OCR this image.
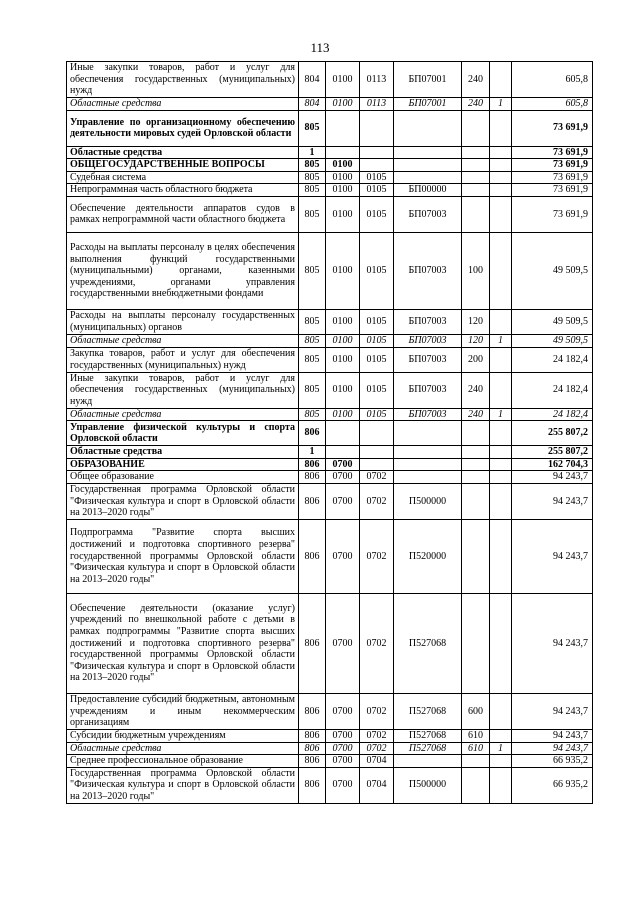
113
Иные закупки товаров, работ и услуг для обеспечения государственных (муниципальных) нужд	804	0100	0113	БП07001	240		605,8
Областные средства	804	0100	0113	БП07001	240	1	605,8
Управление по организационному обеспечению деятельности мировых судей Орловской области	805						73 691,9
Областные средства	1						73 691,9
ОБЩЕГОСУДАРСТВЕННЫЕ ВОПРОСЫ	805	0100					73 691,9
Судебная система	805	0100	0105				73 691,9
Непрограммная часть областного бюджета	805	0100	0105	БП00000			73 691,9
Обеспечение деятельности аппаратов судов в рамках непрограммной части областного бюджета	805	0100	0105	БП07003			73 691,9
Расходы на выплаты персоналу в целях обеспечения выполнения функций государственными (муниципальными) органами, казенными учреждениями, органами управления государственными внебюджетными фондами	805	0100	0105	БП07003	100		49 509,5
Расходы на выплаты персоналу государственных (муниципальных) органов	805	0100	0105	БП07003	120		49 509,5
Областные средства	805	0100	0105	БП07003	120	1	49 509,5
Закупка товаров, работ и услуг для обеспечения государственных (муниципальных) нужд	805	0100	0105	БП07003	200		24 182,4
Иные закупки товаров, работ и услуг для обеспечения государственных (муниципальных) нужд	805	0100	0105	БП07003	240		24 182,4
Областные средства	805	0100	0105	БП07003	240	1	24 182,4
Управление физической культуры и спорта Орловской области	806						255 807,2
Областные средства	1						255 807,2
ОБРАЗОВАНИЕ	806	0700					162 704,3
Общее образование	806	0700	0702				94 243,7
Государственная программа Орловской области "Физическая культура и спорт в Орловской области на 2013–2020 годы"	806	0700	0702	П500000			94 243,7
Подпрограмма "Развитие спорта высших достижений и подготовка спортивного резерва" государственной программы Орловской области "Физическая культура и спорт в Орловской области на 2013–2020 годы"	806	0700	0702	П520000			94 243,7
Обеспечение деятельности (оказание услуг) учреждений по внешкольной работе с детьми в рамках подпрограммы "Развитие спорта высших достижений и подготовка спортивного резерва" государственной программы Орловской области "Физическая культура и спорт в Орловской области на 2013–2020 годы"	806	0700	0702	П527068			94 243,7
Предоставление субсидий бюджетным, автономным учреждениям и иным некоммерческим организациям	806	0700	0702	П527068	600		94 243,7
Субсидии бюджетным учреждениям	806	0700	0702	П527068	610		94 243,7
Областные средства	806	0700	0702	П527068	610	1	94 243,7
Среднее профессиональное образование	806	0700	0704				66 935,2
Государственная программа Орловской области "Физическая культура и спорт в Орловской области на 2013–2020 годы"	806	0700	0704	П500000			66 935,2
